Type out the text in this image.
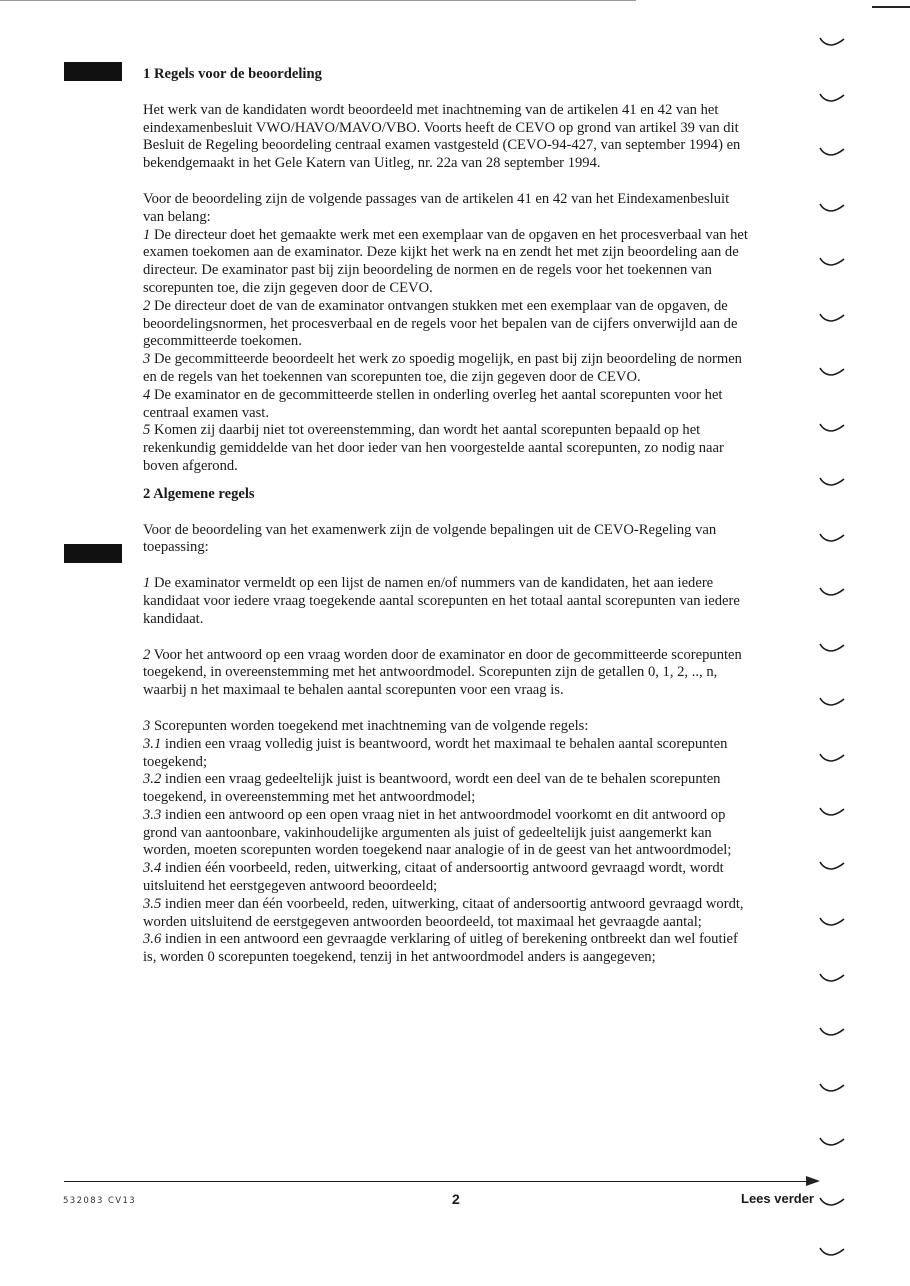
1 Regels voor de beoordeling

Het werk van de kandidaten wordt beoordeeld met inachtneming van de artikelen 41 en 42 van het eindexamenbesluit VWO/HAVO/MAVO/VBO. Voorts heeft de CEVO op grond van artikel 39 van dit Besluit de Regeling beoordeling centraal examen vastgesteld (CEVO-94-427, van september 1994) en bekendgemaakt in het Gele Katern van Uitleg, nr. 22a van 28 september 1994.

Voor de beoordeling zijn de volgende passages van de artikelen 41 en 42 van het Eindexamenbesluit van belang:

1 De directeur doet het gemaakte werk met een exemplaar van de opgaven en het procesverbaal van het examen toekomen aan de examinator. Deze kijkt het werk na en zendt het met zijn beoordeling aan de directeur. De examinator past bij zijn beoordeling de normen en de regels voor het toekennen van scorepunten toe, die zijn gegeven door de CEVO.

2 De directeur doet de van de examinator ontvangen stukken met een exemplaar van de opgaven, de beoordelingsnormen, het procesverbaal en de regels voor het bepalen van de cijfers onverwijld aan de gecommitteerde toekomen.

3 De gecommitteerde beoordeelt het werk zo spoedig mogelijk, en past bij zijn beoordeling de normen en de regels van het toekennen van scorepunten toe, die zijn gegeven door de CEVO.

4 De examinator en de gecommitteerde stellen in onderling overleg het aantal scorepunten voor het centraal examen vast.

5 Komen zij daarbij niet tot overeenstemming, dan wordt het aantal scorepunten bepaald op het rekenkundig gemiddelde van het door ieder van hen voorgestelde aantal scorepunten, zo nodig naar boven afgerond.

2 Algemene regels

Voor de beoordeling van het examenwerk zijn de volgende bepalingen uit de CEVO-Regeling van toepassing:

1 De examinator vermeldt op een lijst de namen en/of nummers van de kandidaten, het aan iedere kandidaat voor iedere vraag toegekende aantal scorepunten en het totaal aantal scorepunten van iedere kandidaat.

2 Voor het antwoord op een vraag worden door de examinator en door de gecommitteerde scorepunten toegekend, in overeenstemming met het antwoordmodel. Scorepunten zijn de getallen 0, 1, 2, .., n, waarbij n het maximaal te behalen aantal scorepunten voor een vraag is.

3 Scorepunten worden toegekend met inachtneming van de volgende regels:

3.1 indien een vraag volledig juist is beantwoord, wordt het maximaal te behalen aantal scorepunten toegekend;

3.2 indien een vraag gedeeltelijk juist is beantwoord, wordt een deel van de te behalen scorepunten toegekend, in overeenstemming met het antwoordmodel;

3.3 indien een antwoord op een open vraag niet in het antwoordmodel voorkomt en dit antwoord op grond van aantoonbare, vakinhoudelijke argumenten als juist of gedeeltelijk juist aangemerkt kan worden, moeten scorepunten worden toegekend naar analogie of in de geest van het antwoordmodel;

3.4 indien één voorbeeld, reden, uitwerking, citaat of andersoortig antwoord gevraagd wordt, wordt uitsluitend het eerstgegeven antwoord beoordeeld;

3.5 indien meer dan één voorbeeld, reden, uitwerking, citaat of andersoortig antwoord gevraagd wordt, worden uitsluitend de eerstgegeven antwoorden beoordeeld, tot maximaal het gevraagde aantal;

3.6 indien in een antwoord een gevraagde verklaring of uitleg of berekening ontbreekt dan wel foutief is, worden 0 scorepunten toegekend, tenzij in het antwoordmodel anders is aangegeven;

532083 CV13	2	Lees verder
